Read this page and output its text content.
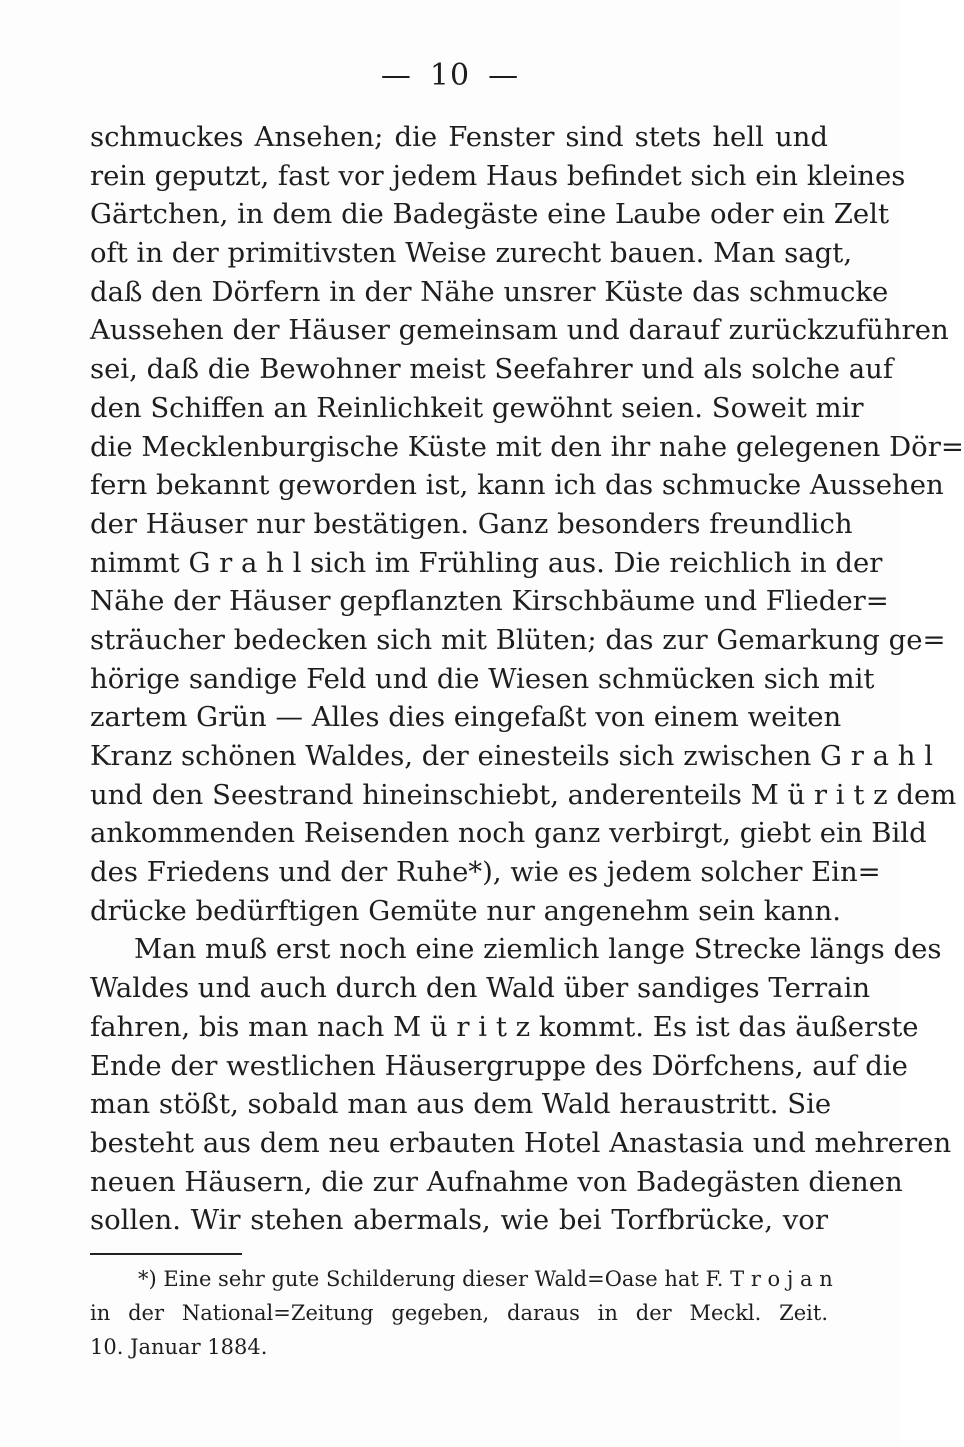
— 10 —
schmuckes Ansehen; die Fenster sind stets hell und
rein geputzt, fast vor jedem Haus befindet sich ein kleines
Gärtchen, in dem die Badegäste eine Laube oder ein Zelt
oft in der primitivsten Weise zurecht bauen. Man sagt,
daß den Dörfern in der Nähe unsrer Küste das schmucke
Aussehen der Häuser gemeinsam und darauf zurückzuführen
sei, daß die Bewohner meist Seefahrer und als solche auf
den Schiffen an Reinlichkeit gewöhnt seien. Soweit mir
die Mecklenburgische Küste mit den ihr nahe gelegenen Dör=
fern bekannt geworden ist, kann ich das schmucke Aussehen
der Häuser nur bestätigen. Ganz besonders freundlich
nimmt G r a h l sich im Frühling aus. Die reichlich in der
Nähe der Häuser gepflanzten Kirschbäume und Flieder=
sträucher bedecken sich mit Blüten; das zur Gemarkung ge=
hörige sandige Feld und die Wiesen schmücken sich mit
zartem Grün — Alles dies eingefaßt von einem weiten
Kranz schönen Waldes, der einesteils sich zwischen G r a h l
und den Seestrand hineinschiebt, anderenteils M ü r i t z dem
ankommenden Reisenden noch ganz verbirgt, giebt ein Bild
des Friedens und der Ruhe*), wie es jedem solcher Ein=
drücke bedürftigen Gemüte nur angenehm sein kann.
Man muß erst noch eine ziemlich lange Strecke längs des
Waldes und auch durch den Wald über sandiges Terrain
fahren, bis man nach M ü r i t z kommt. Es ist das äußerste
Ende der westlichen Häusergruppe des Dörfchens, auf die
man stößt, sobald man aus dem Wald heraustritt. Sie
besteht aus dem neu erbauten Hotel Anastasia und mehreren
neuen Häusern, die zur Aufnahme von Badegästen dienen
sollen. Wir stehen abermals, wie bei Torfbrücke, vor
*) Eine sehr gute Schilderung dieser Wald=Oase hat F. T r o j a n
in der National=Zeitung gegeben, daraus in der Meckl. Zeit.
10. Januar 1884.
